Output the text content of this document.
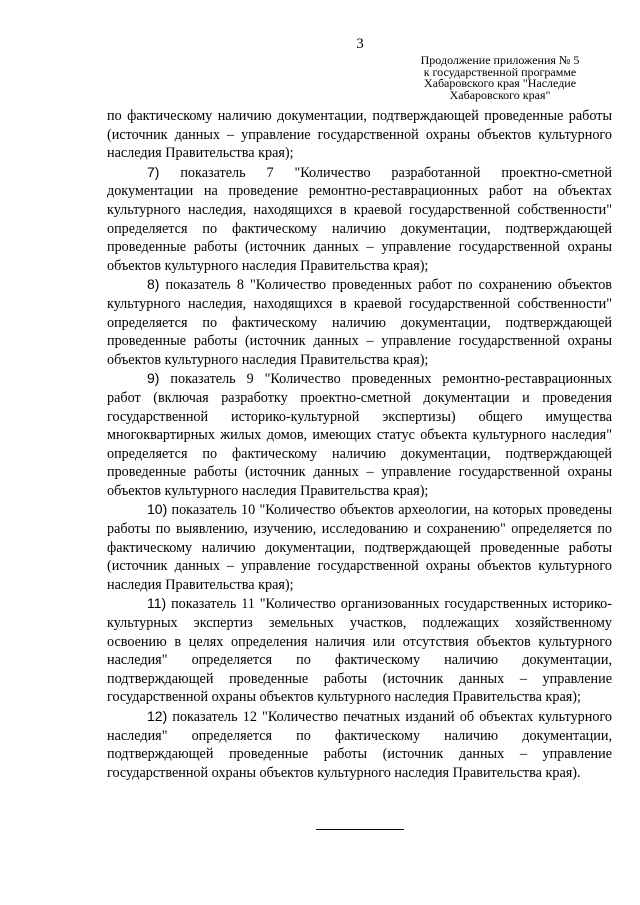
3
Продолжение приложения № 5
к государственной программе
Хабаровского края "Наследие
Хабаровского края"

по фактическому наличию документации, подтверждающей проведенные работы (источник данных – управление государственной охраны объектов культурного наследия Правительства края);

7) показатель 7 "Количество разработанной проектно-сметной документации на проведение ремонтно-реставрационных работ на объектах культурного наследия, находящихся в краевой государственной собственности" определяется по фактическому наличию документации, подтверждающей проведенные работы (источник данных – управление государственной охраны объектов культурного наследия Правительства края);

8) показатель 8 "Количество проведенных работ по сохранению объектов культурного наследия, находящихся в краевой государственной собственности" определяется по фактическому наличию документации, подтверждающей проведенные работы (источник данных – управление государственной охраны объектов культурного наследия Правительства края);

9) показатель 9 "Количество проведенных ремонтно-реставрационных работ (включая разработку проектно-сметной документации и проведения государственной историко-культурной экспертизы) общего имущества многоквартирных жилых домов, имеющих статус объекта культурного наследия" определяется по фактическому наличию документации, подтверждающей проведенные работы (источник данных – управление государственной охраны объектов культурного наследия Правительства края);

10) показатель 10 "Количество объектов археологии, на которых проведены работы по выявлению, изучению, исследованию и сохранению" определяется по фактическому наличию документации, подтверждающей проведенные работы (источник данных – управление государственной охраны объектов культурного наследия Правительства края);

11) показатель 11 "Количество организованных государственных историко-культурных экспертиз земельных участков, подлежащих хозяйственному освоению в целях определения наличия или отсутствия объектов культурного наследия" определяется по фактическому наличию документации, подтверждающей проведенные работы (источник данных – управление государственной охраны объектов культурного наследия Правительства края);

12) показатель 12 "Количество печатных изданий об объектах культурного наследия" определяется по фактическому наличию документации, подтверждающей проведенные работы (источник данных – управление государственной охраны объектов культурного наследия Правительства края).
